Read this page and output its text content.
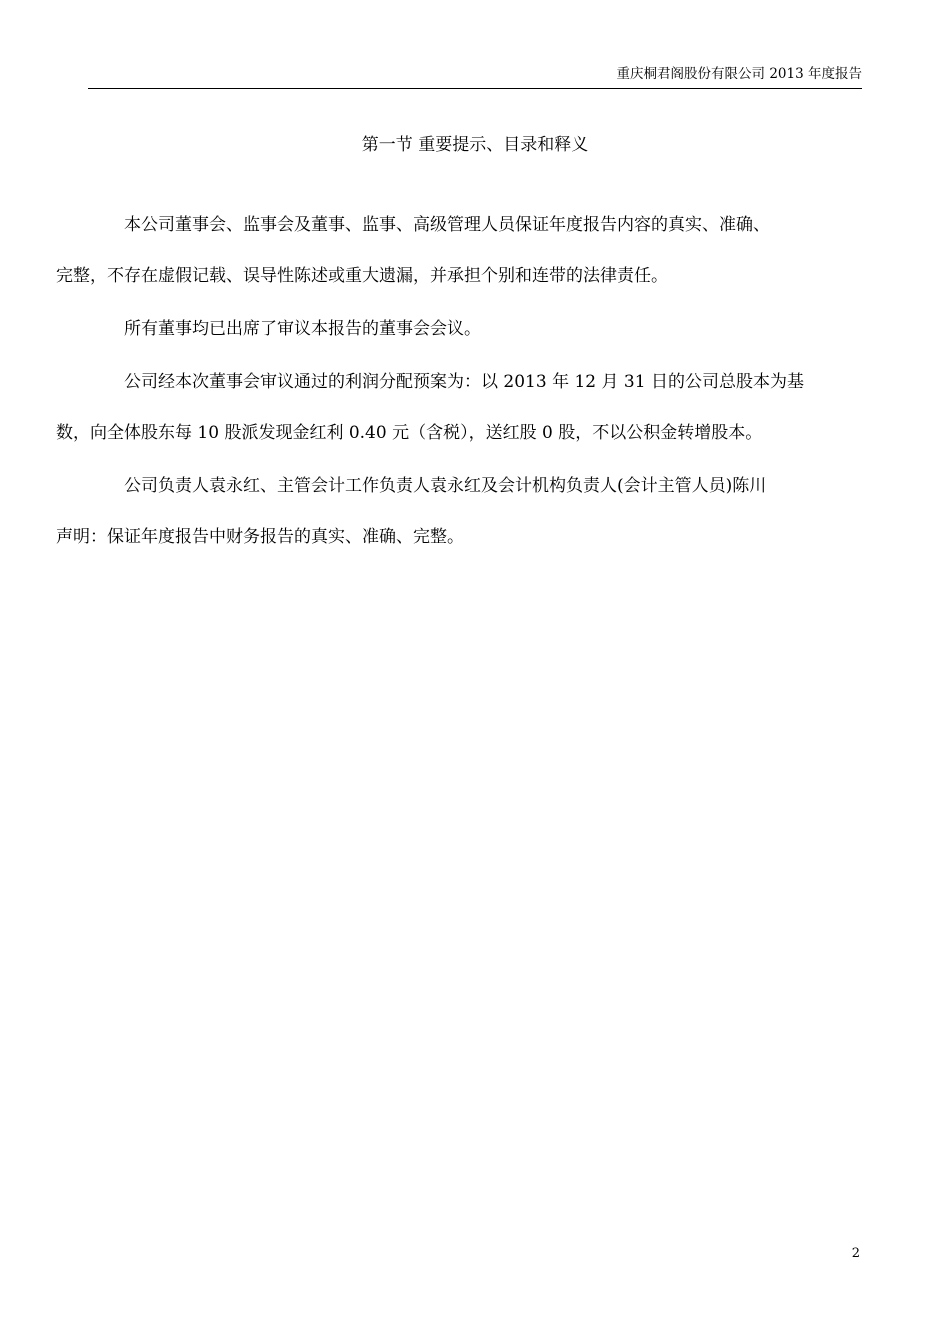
重庆桐君阁股份有限公司 2013 年度报告
第一节 重要提示、目录和释义

本公司董事会、监事会及董事、监事、高级管理人员保证年度报告内容的真实、准确、
完整，不存在虚假记载、误导性陈述或重大遗漏，并承担个别和连带的法律责任。

所有董事均已出席了审议本报告的董事会会议。

公司经本次董事会审议通过的利润分配预案为：以 2013 年 12 月 31 日的公司总股本为基
数，向全体股东每 10 股派发现金红利 0.40 元（含税），送红股 0 股，不以公积金转增股本。

公司负责人袁永红、主管会计工作负责人袁永红及会计机构负责人(会计主管人员)陈川
声明：保证年度报告中财务报告的真实、准确、完整。

2
